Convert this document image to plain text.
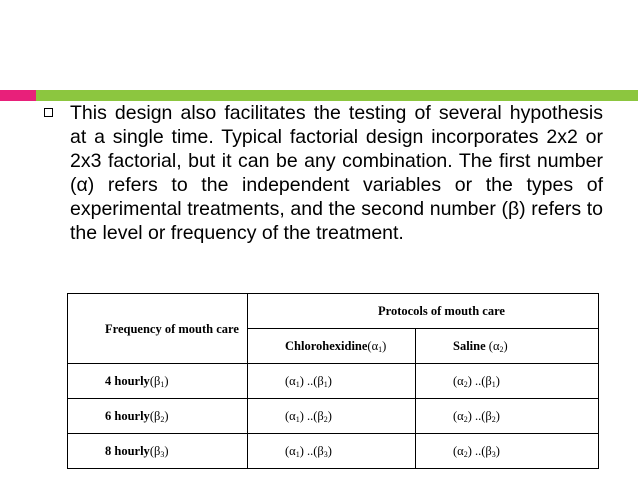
This design also facilitates the testing of several hypothesis at a single time. Typical factorial design incorporates 2x2 or 2x3 factorial, but it can be any combination. The first number (α) refers to the independent variables or the types of experimental treatments, and the second number (β) refers to the level or frequency of the treatment.

Frequency of mouth care	Protocols of mouth care	
	$Chlorohexidine(\alpha_1)$	Saline $(\alpha_2)$
4 $hourly(\beta_1)$	$(\alpha_1)$ $..(\beta_1)$	$(\alpha_2)$ $..(\beta_1)$
6 $hourly(\beta_2)$	$(\alpha_1)$ $..(\beta_2)$	$(\alpha_2)$ $..(\beta_2)$
8 $hourly(\beta_3)$	$(\alpha_1)$ $..(\beta_3)$	$(\alpha_2)$ $..(\beta_3)$
